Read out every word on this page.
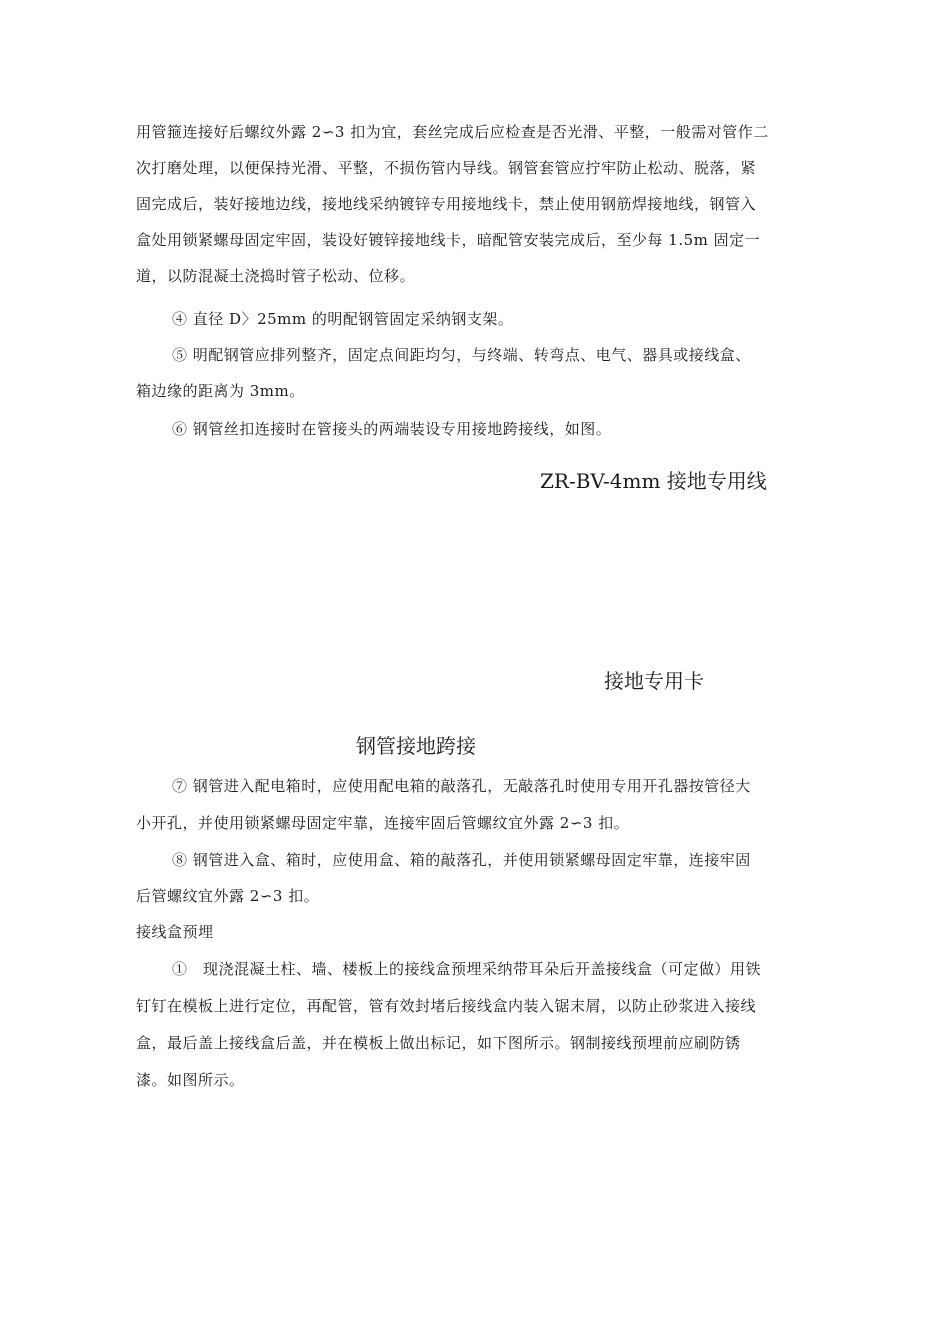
用管箍连接好后螺纹外露 2∽3 扣为宜，套丝完成后应检查是否光滑、平整，一般需对管作二
次打磨处理，以便保持光滑、平整，不损伤管内导线。钢管套管应拧牢防止松动、脱落，紧
固完成后，装好接地边线，接地线采纳镀锌专用接地线卡，禁止使用钢筋焊接地线，钢管入
盒处用锁紧螺母固定牢固，装设好镀锌接地线卡，暗配管安装完成后，至少每 1.5m 固定一
道，以防混凝土浇捣时管子松动、位移。
④ 直径 D〉25mm 的明配钢管固定采纳钢支架。
⑤ 明配钢管应排列整齐，固定点间距均匀，与终端、转弯点、电气、器具或接线盒、
箱边缘的距离为 3mm。
⑥ 钢管丝扣连接时在管接头的两端装设专用接地跨接线，如图。
ZR-BV-4mm 接地专用线
接地专用卡
钢管接地跨接
⑦ 钢管进入配电箱时，应使用配电箱的敲落孔，无敲落孔时使用专用开孔器按管径大
小开孔，并使用锁紧螺母固定牢靠，连接牢固后管螺纹宜外露 2∽3 扣。
⑧ 钢管进入盒、箱时，应使用盒、箱的敲落孔，并使用锁紧螺母固定牢靠，连接牢固
后管螺纹宜外露 2∽3 扣。
接线盒预埋
①　现浇混凝土柱、墙、楼板上的接线盒预埋采纳带耳朵后开盖接线盒（可定做）用铁
钉钉在模板上进行定位，再配管，管有效封堵后接线盒内装入锯末屑，以防止砂浆进入接线
盒，最后盖上接线盒后盖，并在模板上做出标记，如下图所示。钢制接线预埋前应刷防锈
漆。如图所示。
